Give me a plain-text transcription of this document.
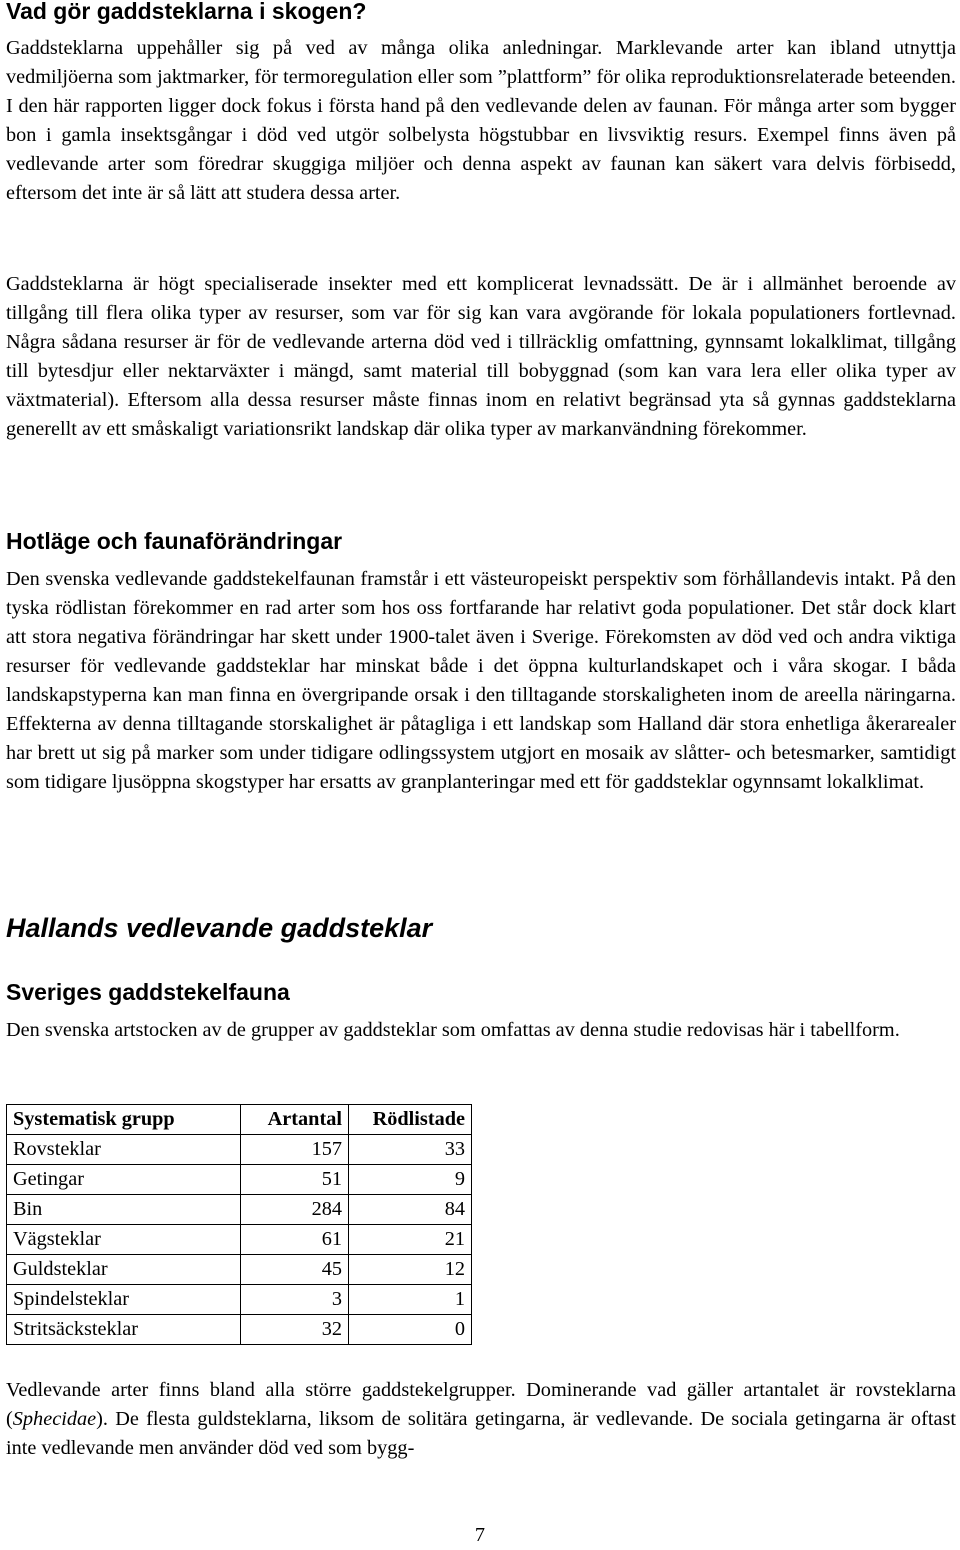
Vad gör gaddsteklarna i skogen?

Gaddsteklarna uppehåller sig på ved av många olika anledningar. Marklevande arter kan ibland utnyttja vedmiljöerna som jaktmarker, för termoregulation eller som ”plattform” för olika reproduktionsrelaterade beteenden. I den här rapporten ligger dock fokus i första hand på den vedlevande delen av faunan. För många arter som bygger bon i gamla insektsgångar i död ved utgör solbelysta högstubbar en livsviktig resurs. Exempel finns även på vedlevande arter som föredrar skuggiga miljöer och denna aspekt av faunan kan säkert vara delvis förbisedd, eftersom det inte är så lätt att studera dessa arter.

Gaddsteklarna är högt specialiserade insekter med ett komplicerat levnadssätt. De är i allmänhet beroende av tillgång till flera olika typer av resurser, som var för sig kan vara avgörande för lokala populationers fortlevnad. Några sådana resurser är för de vedlevande arterna död ved i tillräcklig omfattning, gynnsamt lokalklimat, tillgång till bytesdjur eller nektarväxter i mängd, samt material till bobyggnad (som kan vara lera eller olika typer av växtmaterial). Eftersom alla dessa resurser måste finnas inom en relativt begränsad yta så gynnas gaddsteklarna generellt av ett småskaligt variationsrikt landskap där olika typer av markanvändning förekommer.

Hotläge och faunaförändringar

Den svenska vedlevande gaddstekelfaunan framstår i ett västeuropeiskt perspektiv som förhållandevis intakt. På den tyska rödlistan förekommer en rad arter som hos oss fortfarande har relativt goda populationer. Det står dock klart att stora negativa förändringar har skett under 1900-talet även i Sverige. Förekomsten av död ved och andra viktiga resurser för vedlevande gaddsteklar har minskat både i det öppna kulturlandskapet och i våra skogar. I båda landskapstyperna kan man finna en övergripande orsak i den tilltagande storskaligheten inom de areella näringarna. Effekterna av denna tilltagande storskalighet är påtagliga i ett landskap som Halland där stora enhetliga åkerarealer har brett ut sig på marker som under tidigare odlingssystem utgjort en mosaik av slåtter- och betesmarker, samtidigt som tidigare ljusöppna skogstyper har ersatts av granplanteringar med ett för gaddsteklar ogynnsamt lokalklimat.

Hallands vedlevande gaddsteklar
Sveriges gaddstekelfauna

Den svenska artstocken av de grupper av gaddsteklar som omfattas av denna studie redovisas här i tabellform.

Systematisk grupp	Artantal	Rödlistade
Rovsteklar	157	33
Getingar	51	9
Bin	284	84
Vägsteklar	61	21
Guldsteklar	45	12
Spindelsteklar	3	1
Stritsäcksteklar	32	0

Vedlevande arter finns bland alla större gaddstekelgrupper. Dominerande vad gäller artantalet är rovsteklarna (Sphecidae). De flesta guldsteklarna, liksom de solitära getingarna, är vedlevande. De sociala getingarna är oftast inte vedlevande men använder död ved som bygg-

7
